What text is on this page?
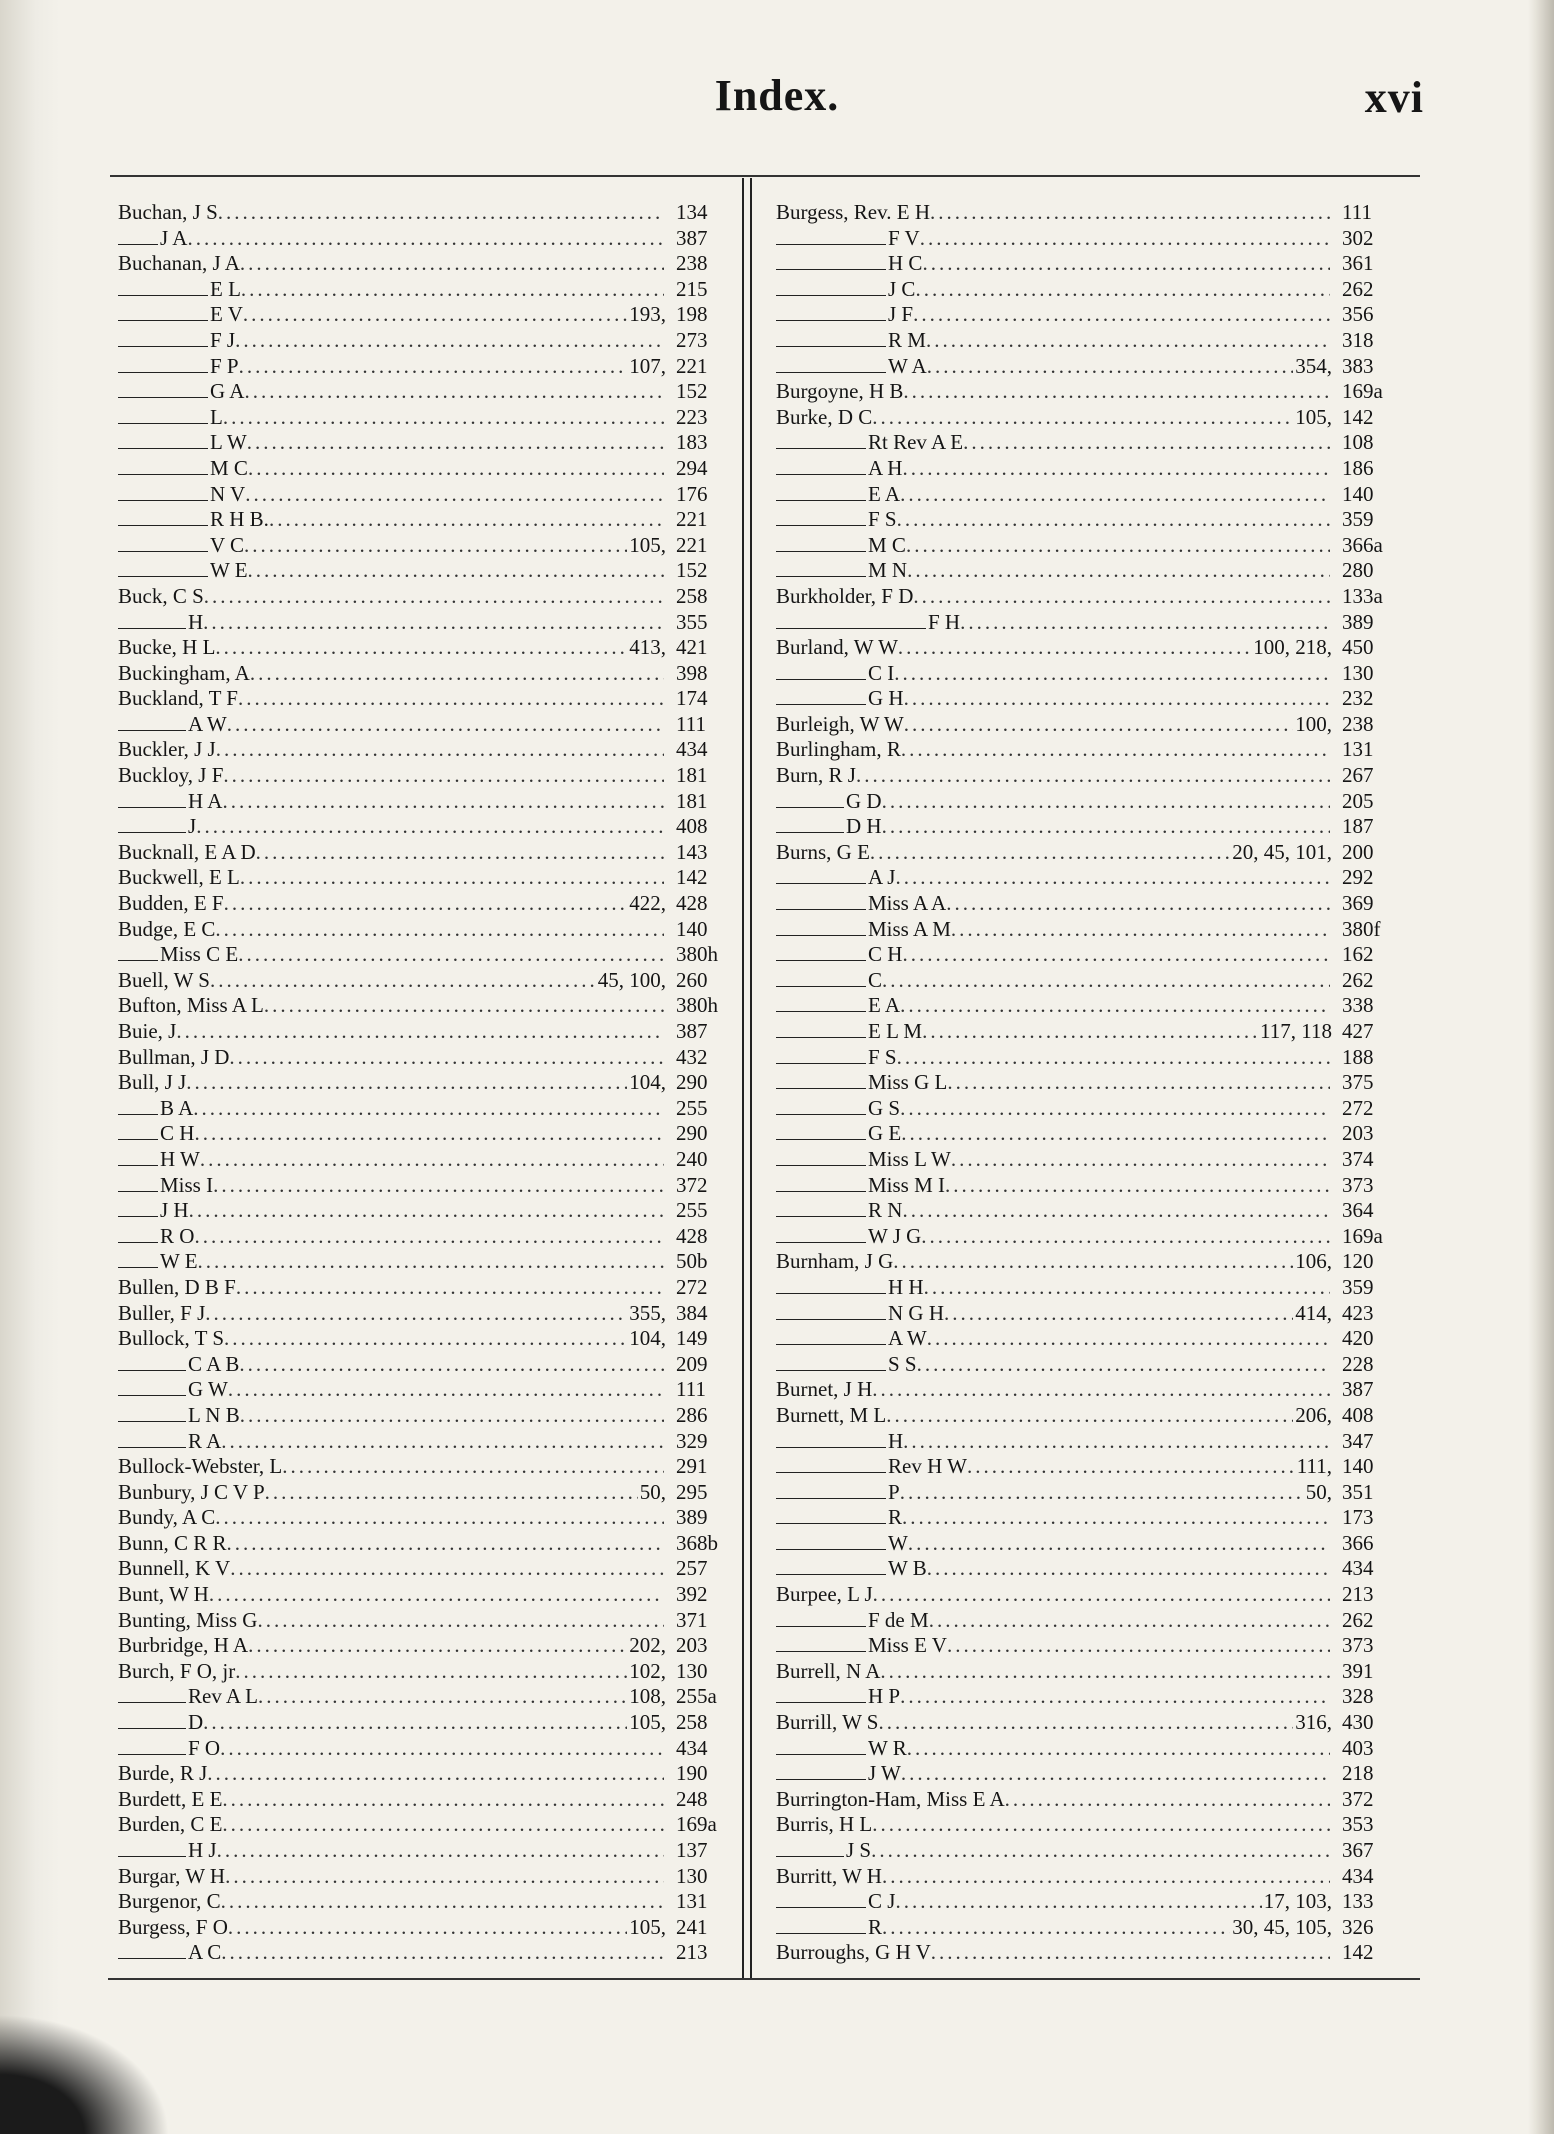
Index.	xvi
Buchan, J S .....	134
J A .....	387
Buchanan, J A .....	238
E L .....	215
E V .....	193, 198
F J .....	273
F P .....	107, 221
G A .....	152
L .....	223
L W .....	183
M C .....	294
N V .....	176
R H B. .....	221
V C .....	105, 221
W E .....	152
Buck, C S .....	258
H .....	355
Bucke, H L .....	413, 421
Buckingham, A .....	398
Buckland, T F .....	174
A W .....	111
Buckler, J J .....	434
Buckloy, J F .....	181
H A .....	181
J .....	408
Bucknall, E A D .....	143
Buckwell, E L .....	142
Budden, E F .....	422, 428
Budge, E C .....	140
Miss C E .....	380h
Buell, W S .....	45, 100, 260
Bufton, Miss A L .....	380h
Buie, J .....	387
Bullman, J D .....	432
Bull, J J .....	104, 290
B A .....	255
C H .....	290
H W .....	240
Miss I .....	372
J H .....	255
R O .....	428
W E .....	50b
Bullen, D B F .....	272
Buller, F J .....	355, 384
Bullock, T S .....	104, 149
C A B .....	209
G W .....	111
L N B .....	286
R A .....	329
Bullock-Webster, L .....	291
Bunbury, J C V P .....	50, 295
Bundy, A C .....	389
Bunn, C R R .....	368b
Bunnell, K V .....	257
Bunt, W H .....	392
Bunting, Miss G .....	371
Burbridge, H A .....	202, 203
Burch, F O, jr .....	102, 130
Rev A L .....	108, 255a
D .....	105, 258
F O .....	434
Burde, R J .....	190
Burdett, E E .....	248
Burden, C E .....	169a
H J .....	137
Burgar, W H .....	130
Burgenor, C .....	131
Burgess, F O .....	105, 241
A C .....	213
Burgess, Rev. E H .....	111
F V .....	302
H C .....	361
J C .....	262
J F .....	356
R M .....	318
W A .....	354, 383
Burgoyne, H B .....	169a
Burke, D C .....	105, 142
Rt Rev A E .....	108
A H .....	186
E A .....	140
F S .....	359
M C .....	366a
M N .....	280
Burkholder, F D .....	133a
F H .....	389
Burland, W W .....	100, 218, 450
C I .....	130
G H .....	232
Burleigh, W W .....	100, 238
Burlingham, R .....	131
Burn, R J .....	267
G D .....	205
D H .....	187
Burns, G E .....	20, 45, 101, 200
A J .....	292
Miss A A .....	369
Miss A M .....	380f
C H .....	162
C .....	262
E A .....	338
E L M .....	117, 118 427
F S .....	188
Miss G L .....	375
G S .....	272
G E .....	203
Miss L W .....	374
Miss M I .....	373
R N .....	364
W J G .....	169a
Burnham, J G .....	106, 120
H H .....	359
N G H .....	414, 423
A W .....	420
S S .....	228
Burnet, J H .....	387
Burnett, M L .....	206, 408
H .....	347
Rev H W .....	111, 140
P .....	50, 351
R .....	173
W .....	366
W B .....	434
Burpee, L J .....	213
F de M .....	262
Miss E V .....	373
Burrell, N A .....	391
H P .....	328
Burrill, W S .....	316, 430
W R .....	403
J W .....	218
Burrington-Ham, Miss E A .....	372
Burris, H L .....	353
J S .....	367
Burritt, W H .....	434
C J .....	17, 103, 133
R .....	30, 45, 105, 326
Burroughs, G H V .....	142
